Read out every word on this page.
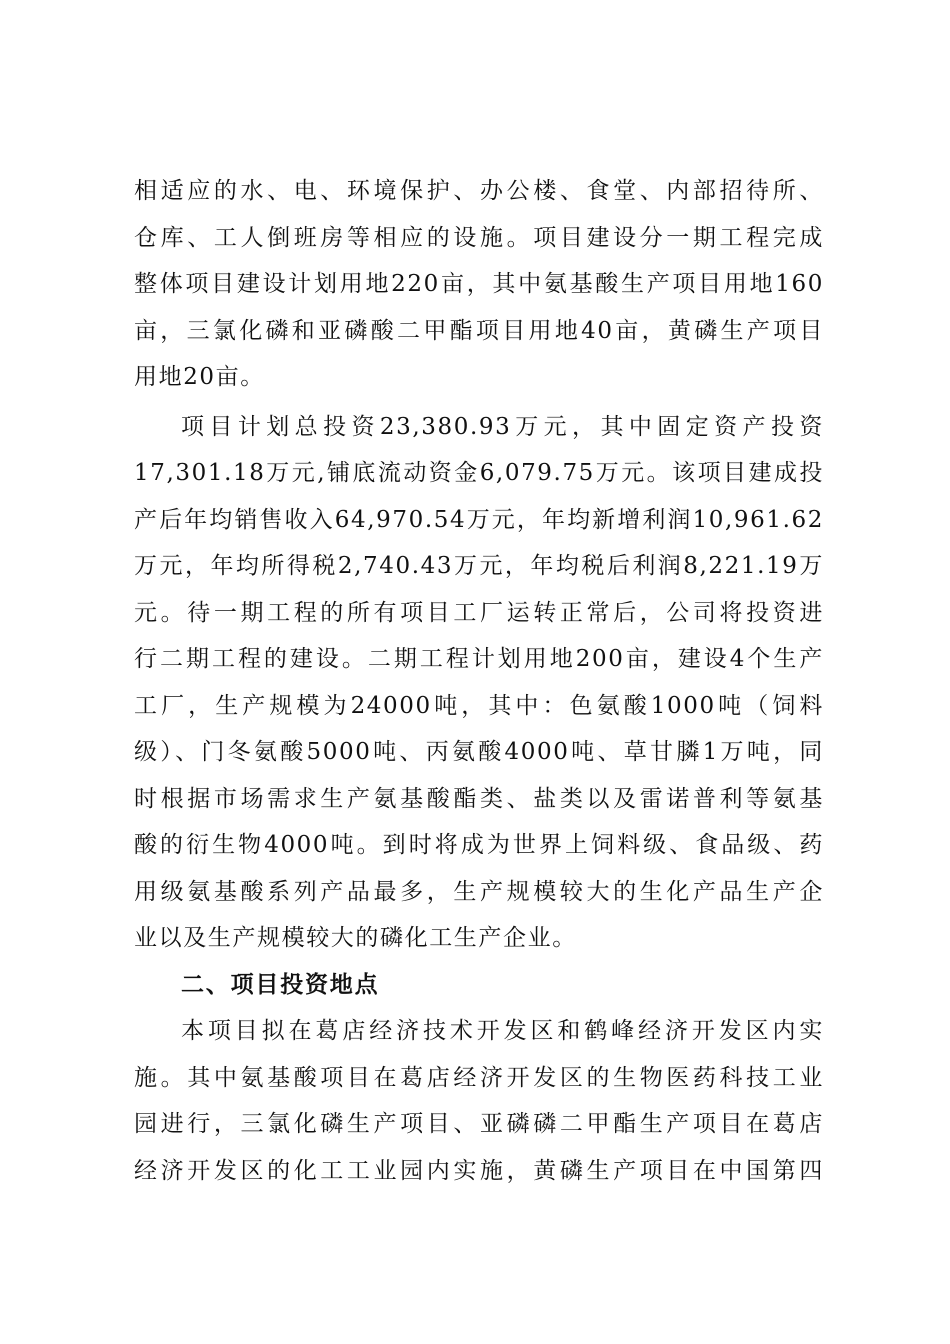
相适应的水、电、环境保护、办公楼、食堂、内部招待所、
仓库、工人倒班房等相应的设施。项目建设分一期工程完成
整体项目建设计划用地220亩，其中氨基酸生产项目用地160
亩，三氯化磷和亚磷酸二甲酯项目用地40亩，黄磷生产项目
用地20亩。
项目计划总投资23,380.93万元，其中固定资产投资
17,301.18万元,铺底流动资金6,079.75万元。该项目建成投
产后年均销售收入64,970.54万元，年均新增利润10,961.62
万元，年均所得税2,740.43万元，年均税后利润8,221.19万
元。待一期工程的所有项目工厂运转正常后，公司将投资进
行二期工程的建设。二期工程计划用地200亩，建设4个生产
工厂，生产规模为24000吨，其中：色氨酸1000吨（饲料
级）、门冬氨酸5000吨、丙氨酸4000吨、草甘膦1万吨，同
时根据市场需求生产氨基酸酯类、盐类以及雷诺普利等氨基
酸的衍生物4000吨。到时将成为世界上饲料级、食品级、药
用级氨基酸系列产品最多，生产规模较大的生化产品生产企
业以及生产规模较大的磷化工生产企业。
二、项目投资地点
本项目拟在葛店经济技术开发区和鹤峰经济开发区内实
施。其中氨基酸项目在葛店经济开发区的生物医药科技工业
园进行，三氯化磷生产项目、亚磷磷二甲酯生产项目在葛店
经济开发区的化工工业园内实施，黄磷生产项目在中国第四
